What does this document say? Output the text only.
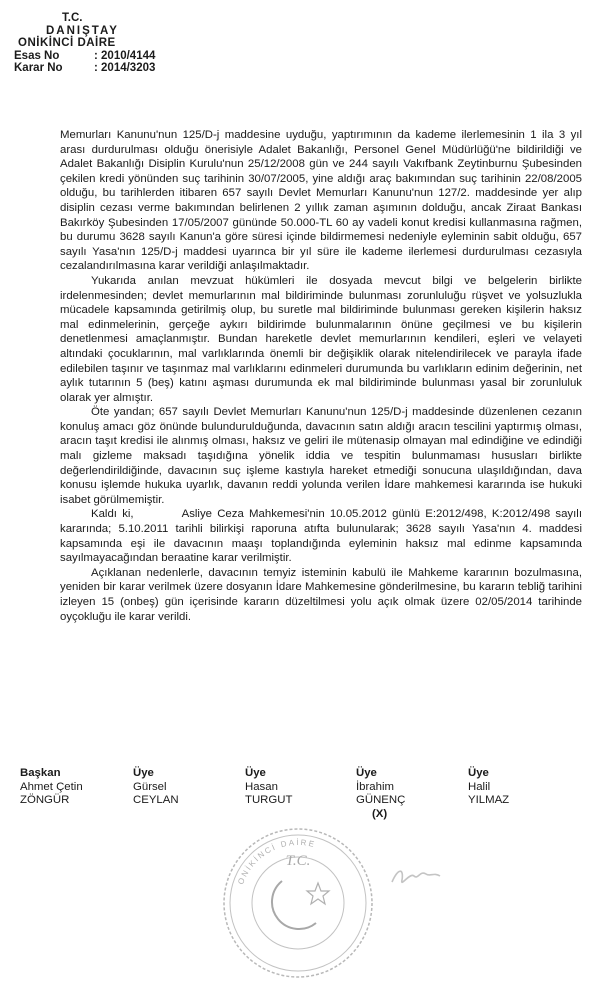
T.C.
DANIŞTAY
ONİKİNCİ DAİRE
Esas No	: 2010/4144
Karar No	: 2014/3203

Memurları Kanunu'nun 125/D-j maddesine uyduğu, yaptırımının da kademe ilerlemesinin 1 ila 3 yıl arası durdurulması olduğu önerisiyle Adalet Bakanlığı, Personel Genel Müdürlüğü'ne bildirildiği ve Adalet Bakanlığı Disiplin Kurulu'nun 25/12/2008 gün ve 244 sayılı Vakıfbank Zeytinburnu Şubesinden çekilen kredi yönünden suç tarihinin 30/07/2005, yine aldığı araç bakımından suç tarihinin 22/08/2005 olduğu, bu tarihlerden itibaren 657 sayılı Devlet Memurları Kanunu'nun 127/2. maddesinde yer alıp disiplin cezası verme bakımından belirlenen 2 yıllık zaman aşımının dolduğu, ancak Ziraat Bankası Bakırköy Şubesinden 17/05/2007 gününde 50.000-TL 60 ay vadeli konut kredisi kullanmasına rağmen, bu durumu 3628 sayılı Kanun'a göre süresi içinde bildirmemesi nedeniyle eyleminin sabit olduğu, 657 sayılı Yasa'nın 125/D-j maddesi uyarınca bir yıl süre ile kademe ilerlemesi durdurulması cezasıyla cezalandırılmasına karar verildiği anlaşılmaktadır.

Yukarıda anılan mevzuat hükümleri ile dosyada mevcut bilgi ve belgelerin birlikte irdelenmesinden; devlet memurlarının mal bildiriminde bulunması zorunluluğu rüşvet ve yolsuzlukla mücadele kapsamında getirilmiş olup, bu suretle mal bildiriminde bulunması gereken kişilerin haksız mal edinmelerinin, gerçeğe aykırı bildirimde bulunmalarının önüne geçilmesi ve bu kişilerin denetlenmesi amaçlanmıştır. Bundan hareketle devlet memurlarının kendileri, eşleri ve velayeti altındaki çocuklarının, mal varlıklarında önemli bir değişiklik olarak nitelendirilecek ve parayla ifade edilebilen taşınır ve taşınmaz mal varlıklarını edinmeleri durumunda bu varlıkların edinim değerinin, net aylık tutarının 5 (beş) katını aşması durumunda ek mal bildiriminde bulunması yasal bir zorunluluk olarak yer almıştır.

Öte yandan; 657 sayılı Devlet Memurları Kanunu'nun 125/D-j maddesinde düzenlenen cezanın konuluş amacı göz önünde bulundurulduğunda, davacının satın aldığı aracın tescilini yaptırmış olması, aracın taşıt kredisi ile alınmış olması, haksız ve geliri ile mütenasip olmayan mal edindiğine ve edindiği malı gizleme maksadı taşıdığına yönelik iddia ve tespitin bulunmaması hususları birlikte değerlendirildiğinde, davacının suç işleme kastıyla hareket etmediği sonucuna ulaşıldığından, dava konusu işlemde hukuka uyarlık, davanın reddi yolunda verilen İdare mahkemesi kararında ise hukuki isabet görülmemiştir.

Kaldı ki,	Asliye Ceza Mahkemesi'nin 10.05.2012 günlü E:2012/498, K:2012/498 sayılı kararında; 5.10.2011 tarihli bilirkişi raporuna atıfta bulunularak; 3628 sayılı Yasa'nın 4. maddesi kapsamında eşi ile davacının maaşı toplandığında eyleminin haksız mal edinme kapsamında sayılmayacağından beraatine karar verilmiştir.

Açıklanan nedenlerle, davacının temyiz isteminin kabulü ile Mahkeme kararının bozulmasına, yeniden bir karar verilmek üzere dosyanın İdare Mahkemesine gönderilmesine, bu kararın tebliğ tarihini izleyen 15 (onbeş) gün içerisinde kararın düzeltilmesi yolu açık olmak üzere 02/05/2014 tarihinde oyçokluğu ile karar verildi.

Başkan
Ahmet Çetin
ZÖNGÜR
Üye
Gürsel
CEYLAN
Üye
Hasan
TURGUT
Üye
İbrahim
GÜNENÇ
(X)
Üye
Halil
YILMAZ
ONİKİNCİ DAİRE
T.C.
